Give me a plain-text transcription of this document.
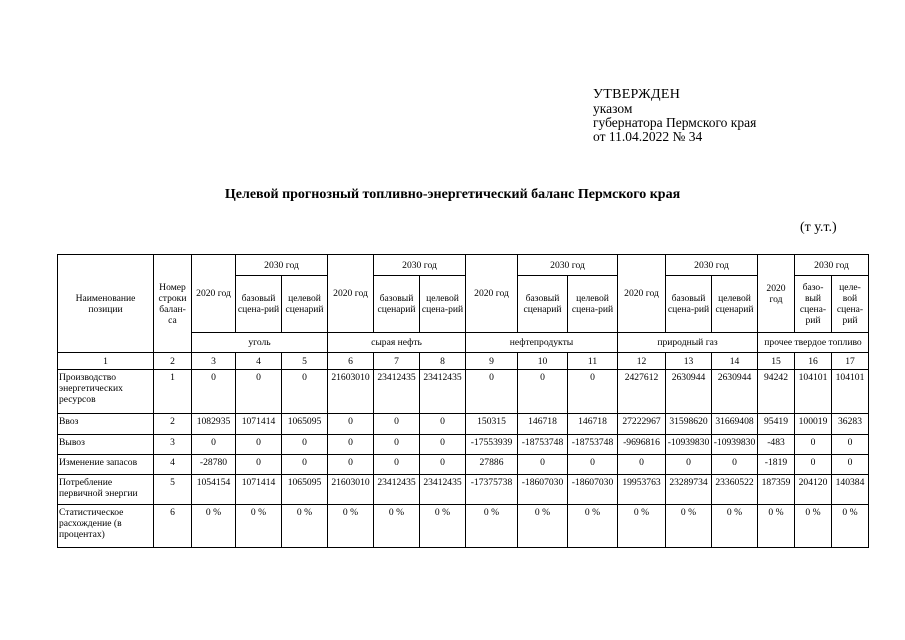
УТВЕРЖДЕН
указом
губернатора Пермского края
от 11.04.2022 № 34
Целевой прогнозный топливно-энергетический баланс Пермского края
(т у.т.)
Наименование позиции	Номер строки балан-са	2020 год	2030 год		2020 год	2030 год		2020 год	2030 год		2020 год	2030 год		2020 год	2030 год	
			базовый сцена-рий	целевой сценарий		базовый сценарий	целевой сцена-рий		базовый сценарий	целевой сцена-рий		базовый сцена-рий	целевой сценарий		базо-вый сцена-рий	целе-вой сцена-рий
		уголь			сырая нефть			нефтепродукты			природный газ			прочее твердое топливо		
1	2	3	4	5	6	7	8	9	10	11	12	13	14	15	16	17
Производство энергетических ресурсов	1	0	0	0	21603010	23412435	23412435	0	0	0	2427612	2630944	2630944	94242	104101	104101
Ввоз	2	1082935	1071414	1065095	0	0	0	150315	146718	146718	27222967	31598620	31669408	95419	100019	36283
Вывоз	3	0	0	0	0	0	0	-17553939	-18753748	-18753748	-9696816	-10939830	-10939830	-483	0	0
Изменение запасов	4	-28780	0	0	0	0	0	27886	0	0	0	0	0	-1819	0	0
Потребление первичной энергии	5	1054154	1071414	1065095	21603010	23412435	23412435	-17375738	-18607030	-18607030	19953763	23289734	23360522	187359	204120	140384
Статистическое расхождение (в процентах)	6	0 %	0 %	0 %	0 %	0 %	0 %	0 %	0 %	0 %	0 %	0 %	0 %	0 %	0 %	0 %
